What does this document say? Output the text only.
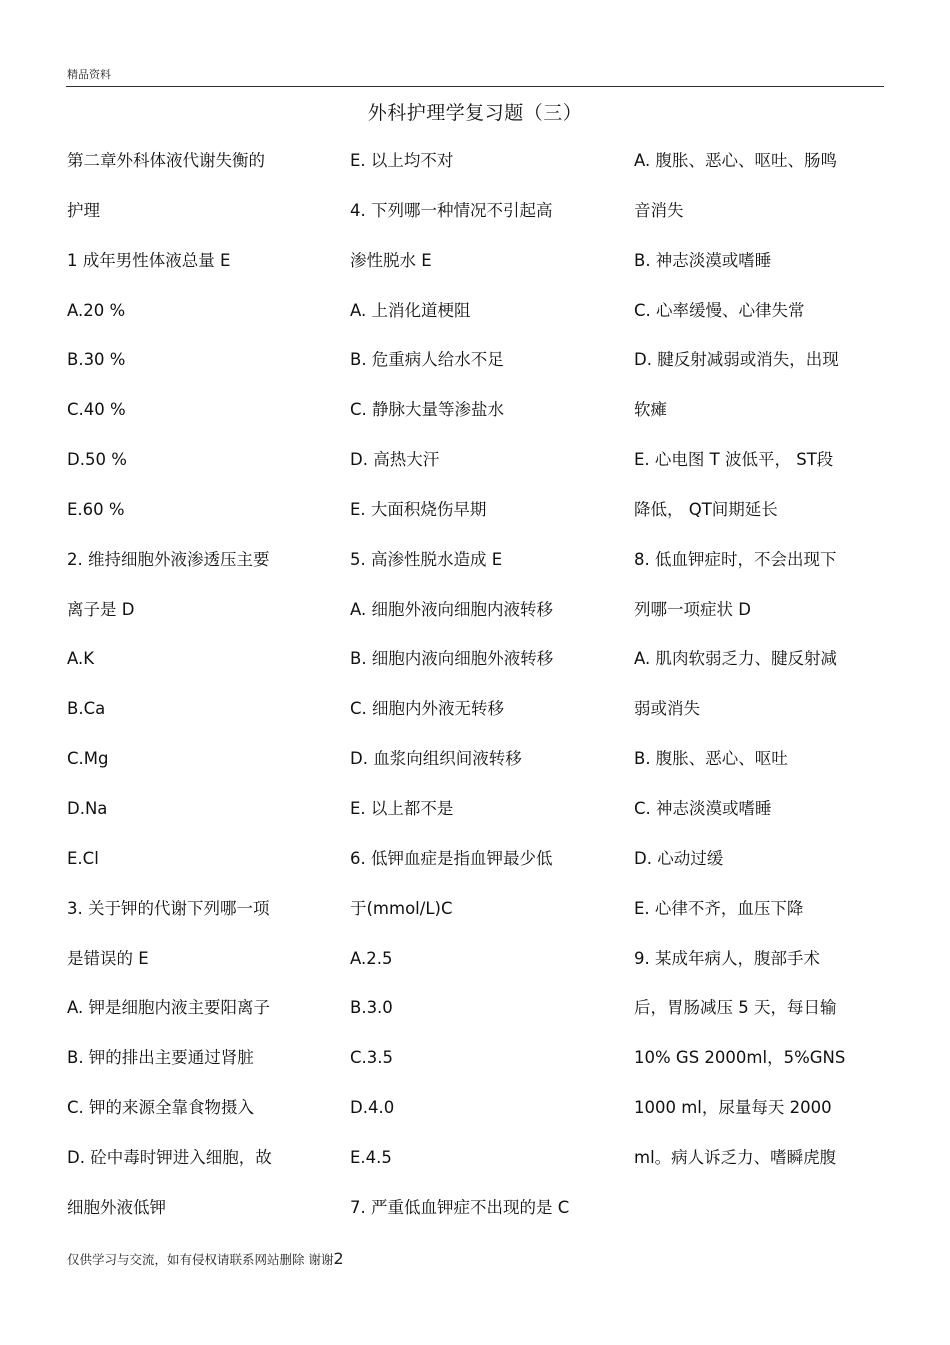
精品资料
外科护理学复习题（三）
第二章外科体液代谢失衡的
护理
1 成年男性体液总量 E
A.20 %
B.30 %
C.40 %
D.50 %
E.60 %
2. 维持细胞外液渗透压主要
离子是 D
A.K
B.Ca
C.Mg
D.Na
E.Cl
3. 关于钾的代谢下列哪一项
是错误的 E
A. 钾是细胞内液主要阳离子
B. 钾的排出主要通过肾脏
C. 钾的来源全靠食物摄入
D. 砼中毒时钾进入细胞，故
细胞外液低钾
E. 以上均不对
4. 下列哪一种情况不引起高
渗性脱水 E
A. 上消化道梗阻
B. 危重病人给水不足
C. 静脉大量等渗盐水
D. 高热大汗
E. 大面积烧伤早期
5. 高渗性脱水造成 E
A. 细胞外液向细胞内液转移
B. 细胞内液向细胞外液转移
C. 细胞内外液无转移
D. 血浆向组织间液转移
E. 以上都不是
6. 低钾血症是指血钾最少低
于(mmol/L)C
A.2.5
B.3.0
C.3.5
D.4.0
E.4.5
7. 严重低血钾症不出现的是 C
A. 腹胀、恶心、呕吐、肠鸣
音消失
B. 神志淡漠或嗜睡
C. 心率缓慢、心律失常
D. 腱反射减弱或消失，出现
软瘫
E. 心电图 T 波低平， ST段
降低， QT间期延长
8. 低血钾症时，不会出现下
列哪一项症状 D
A. 肌肉软弱乏力、腱反射减
弱或消失
B. 腹胀、恶心、呕吐
C. 神志淡漠或嗜睡
D. 心动过缓
E. 心律不齐，血压下降
9. 某成年病人，腹部手术
后，胃肠减压 5 天，每日输
10% GS 2000ml，5%GNS
1000 ml，尿量每天 2000
ml。病人诉乏力、嗜瞬虎腹
仅供学习与交流，如有侵权请联系网站删除 谢谢2
